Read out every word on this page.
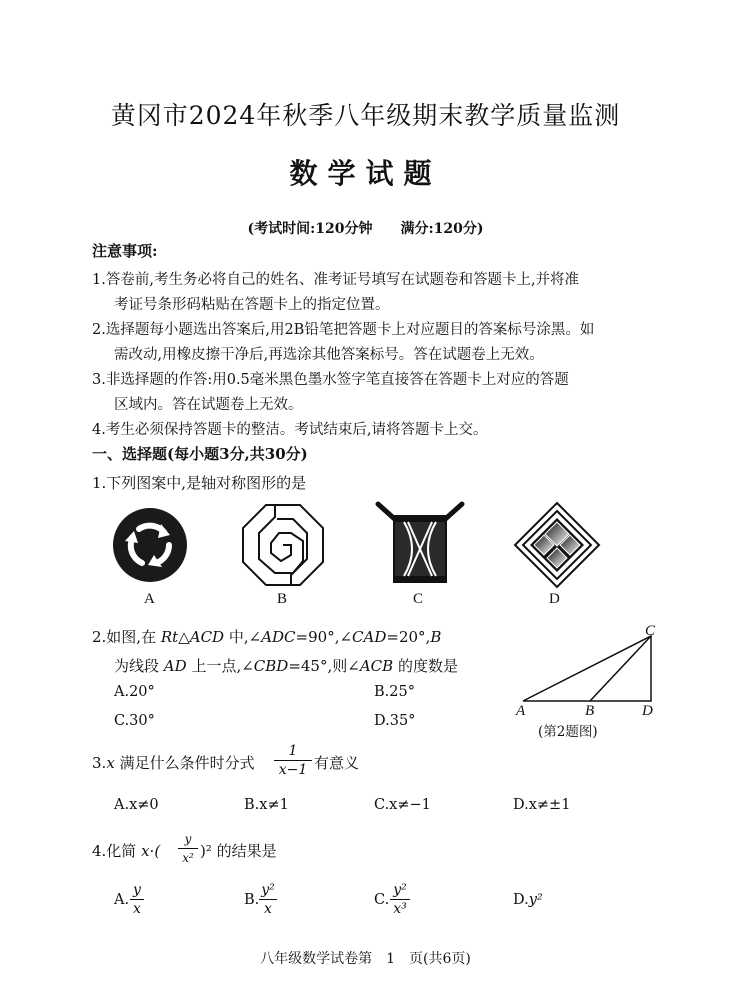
黄冈市2024年秋季八年级期末教学质量监测
数学试题
(考试时间:120分钟　　满分:120分)
注意事项:
1.答卷前,考生务必将自己的姓名、准考证号填写在试题卷和答题卡上,并将准
考证号条形码粘贴在答题卡上的指定位置。
2.选择题每小题选出答案后,用2B铅笔把答题卡上对应题目的答案标号涂黑。如
需改动,用橡皮擦干净后,再选涂其他答案标号。答在试题卷上无效。
3.非选择题的作答:用0.5毫米黑色墨水签字笔直接答在答题卡上对应的答题
区域内。答在试题卷上无效。
4.考生必须保持答题卡的整洁。考试结束后,请将答题卡上交。
一、选择题(每小题3分,共30分)
1.下列图案中,是轴对称图形的是
A	B	C	D
2.如图,在 Rt△ACD 中,∠ADC=90°,∠CAD=20°,B
为线段 AD 上一点,∠CBD=45°,则∠ACB 的度数是
A.20°	B.25°
C.30°	D.35°
C
A	B	D
(第2题图)
3.x 满足什么条件时分式
1
x−1 有意义
A.x≠0	B.x≠1	C.x≠−1	D.x≠±1
4.化简 x·(
y
x² )² 的结果是
A.
y
x
B.
y²
x
C.
y²
x³
D.y²
八年级数学试卷第　1　页(共6页)
